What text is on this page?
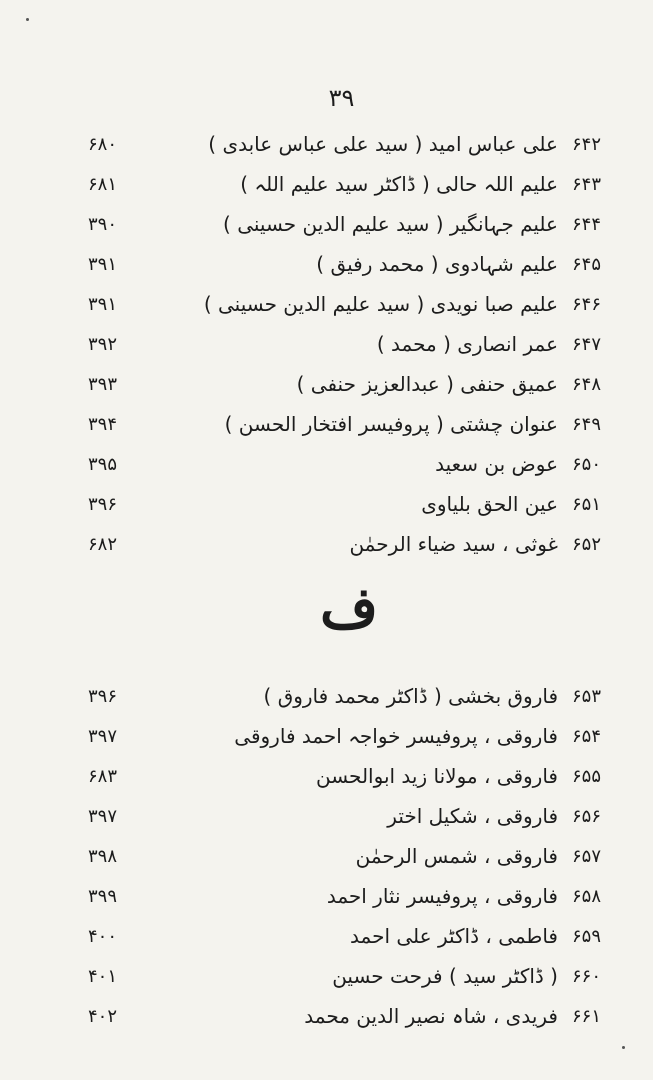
۳۹
۶۸۰	علی عباس امید ( سید علی عباس عابدی ) ۶۴۲
۶۸۱	علیم اللہ حالی ( ڈاکٹر سید علیم اللہ ) ۶۴۳
۳۹۰	علیم جہانگیر ( سید علیم الدین حسینی ) ۶۴۴
۳۹۱	علیم شہادوی ( محمد رفیق ) ۶۴۵
۳۹۱	علیم صبا نویدی ( سید علیم الدین حسینی ) ۶۴۶
۳۹۲	عمر انصاری ( محمد ) ۶۴۷
۳۹۳	عمیق حنفی ( عبدالعزیز حنفی ) ۶۴۸
۳۹۴	عنوان چشتی ( پروفیسر افتخار الحسن ) ۶۴۹
۳۹۵	عوض بن سعید ۶۵۰
۳۹۶	عین الحق بلیاوی ۶۵۱
۶۸۲	غوثی ، سید ضیاء الرحمٰن ۶۵۲
ف
۳۹۶	فاروق بخشی ( ڈاکٹر محمد فاروق ) ۶۵۳
۳۹۷	فاروقی ، پروفیسر خواجہ احمد فاروقی ۶۵۴
۶۸۳	فاروقی ، مولانا زید ابوالحسن ۶۵۵
۳۹۷	فاروقی ، شکیل اختر ۶۵۶
۳۹۸	فاروقی ، شمس الرحمٰن ۶۵۷
۳۹۹	فاروقی ، پروفیسر نثار احمد ۶۵۸
۴۰۰	فاطمی ، ڈاکٹر علی احمد ۶۵۹
۴۰۱	( ڈاکٹر سید ) فرحت حسین ۶۶۰
۴۰۲	فریدی ، شاہ نصیر الدین محمد ۶۶۱
